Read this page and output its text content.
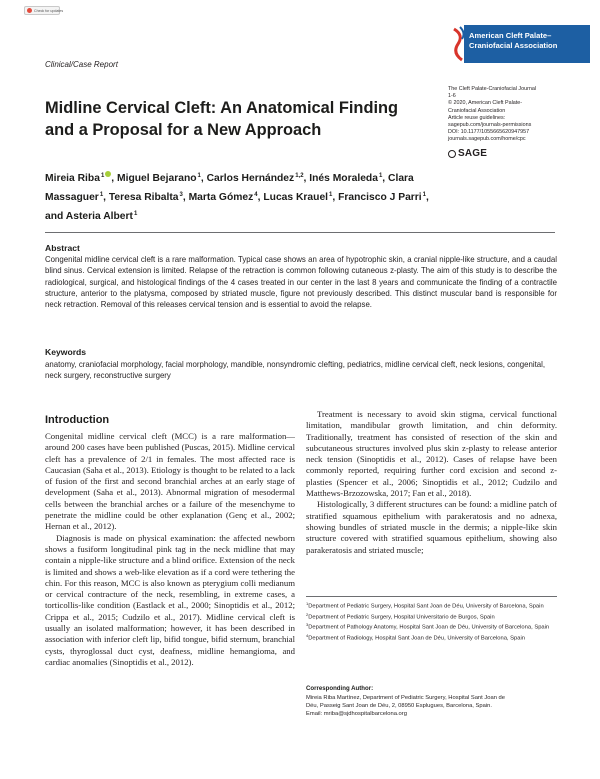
Check for updates
American Cleft Palate–
Craniofacial Association
Clinical/Case Report
The Cleft Palate-Craniofacial Journal
1-6
© 2020, American Cleft Palate-
Craniofacial Association
Article reuse guidelines:
sagepub.com/journals-permissions
DOI: 10.1177/1055665620947957
journals.sagepub.com/home/cpc
SAGE
Midline Cervical Cleft: An Anatomical Finding and a Proposal for a New Approach
Mireia Riba$^1$ , Miguel Bejarano$^1$, Carlos Hernández$^{1,2}$, Inés Moraleda$^1$, Clara Massaguer$^1$, Teresa Ribalta$^3$, Marta Gómez$^4$, Lucas Krauel$^1$, Francisco J Parri$^1$, and Asteria Albert$^1$
Abstract
Congenital midline cervical cleft is a rare malformation. Typical case shows an area of hypotrophic skin, a cranial nipple-like structure, and a caudal blind sinus. Cervical extension is limited. Relapse of the retraction is common following cutaneous z-plasty. The aim of this study is to describe the radiological, surgical, and histological findings of the 4 cases treated in our center in the last 8 years and communicate the finding of a contractile structure, anterior to the platysma, composed by striated muscle, figure not previously described. This distinct muscular band is responsible for neck retraction. Removal of this releases cervical tension and is essential to avoid the relapse.
Keywords
anatomy, craniofacial morphology, facial morphology, mandible, nonsyndromic clefting, pediatrics, midline cervical cleft, neck lesions, congenital, neck surgery, reconstructive surgery
Introduction

Congenital midline cervical cleft (MCC) is a rare malformation—around 200 cases have been published (Puscas, 2015). Midline cervical cleft has a prevalence of 2/1 in females. The most affected race is Caucasian (Saha et al., 2013). Etiology is thought to be related to a lack of fusion of the first and second branchial arches at an early stage of development (Saha et al., 2013). Abnormal migration of mesodermal cells between the branchial arches or a failure of the mesenchyme to penetrate the midline could be other explanation (Genç et al., 2002; Hernan et al., 2012).

Diagnosis is made on physical examination: the affected newborn shows a fusiform longitudinal pink tag in the neck midline that may contain a nipple-like structure and a blind orifice. Extension of the neck is limited and shows a web-like elevation as if a cord were tethering the chin. For this reason, MCC is also known as pterygium colli medianum or cervical contracture of the neck, resembling, in extreme cases, a torticollis-like condition (Eastlack et al., 2000; Sinoptidis et al., 2012; Crippa et al., 2015; Cudzilo et al., 2017). Midline cervical cleft is usually an isolated malformation; however, it has been described in association with inferior cleft lip, bifid tongue, bifid sternum, branchial cysts, thyroglossal duct cyst, deafness, midline hemangioma, and cardiac anomalies (Sinoptidis et al., 2012).

Treatment is necessary to avoid skin stigma, cervical functional limitation, mandibular growth limitation, and chin deformity. Traditionally, treatment has consisted of resection of the skin and subcutaneous structures involved plus skin z-plasty to release anterior neck tension (Sinoptidis et al., 2012). Cases of relapse have been commonly reported, requiring further cord excision and second z-plasties (Spencer et al., 2006; Sinoptidis et al., 2012; Cudzilo and Matthews-Brzozowska, 2017; Fan et al., 2018).

Histologically, 3 different structures can be found: a midline patch of stratified squamous epithelium with parakeratosis and no adnexa, showing bundles of striated muscle in the dermis; a nipple-like skin structure covered with stratified squamous epithelium, showing also parakeratosis and striated muscle;

$^1$Department of Pediatric Surgery, Hospital Sant Joan de Déu, University of Barcelona, Spain
$^2$Department of Pediatric Surgery, Hospital Universitario de Burgos, Spain
$^3$Department of Pathology Anatomy, Hospital Sant Joan de Déu, University of Barcelona, Spain
$^4$Department of Radiology, Hospital Sant Joan de Déu, University of Barcelona, Spain
Corresponding Author:
Mireia Riba Martínez, Department of Pediatric Surgery, Hospital Sant Joan de
Déu, Passeig Sant Joan de Déu, 2, 08950 Esplugues, Barcelona, Spain.
Email: mriba@sjdhospitalbarcelona.org
